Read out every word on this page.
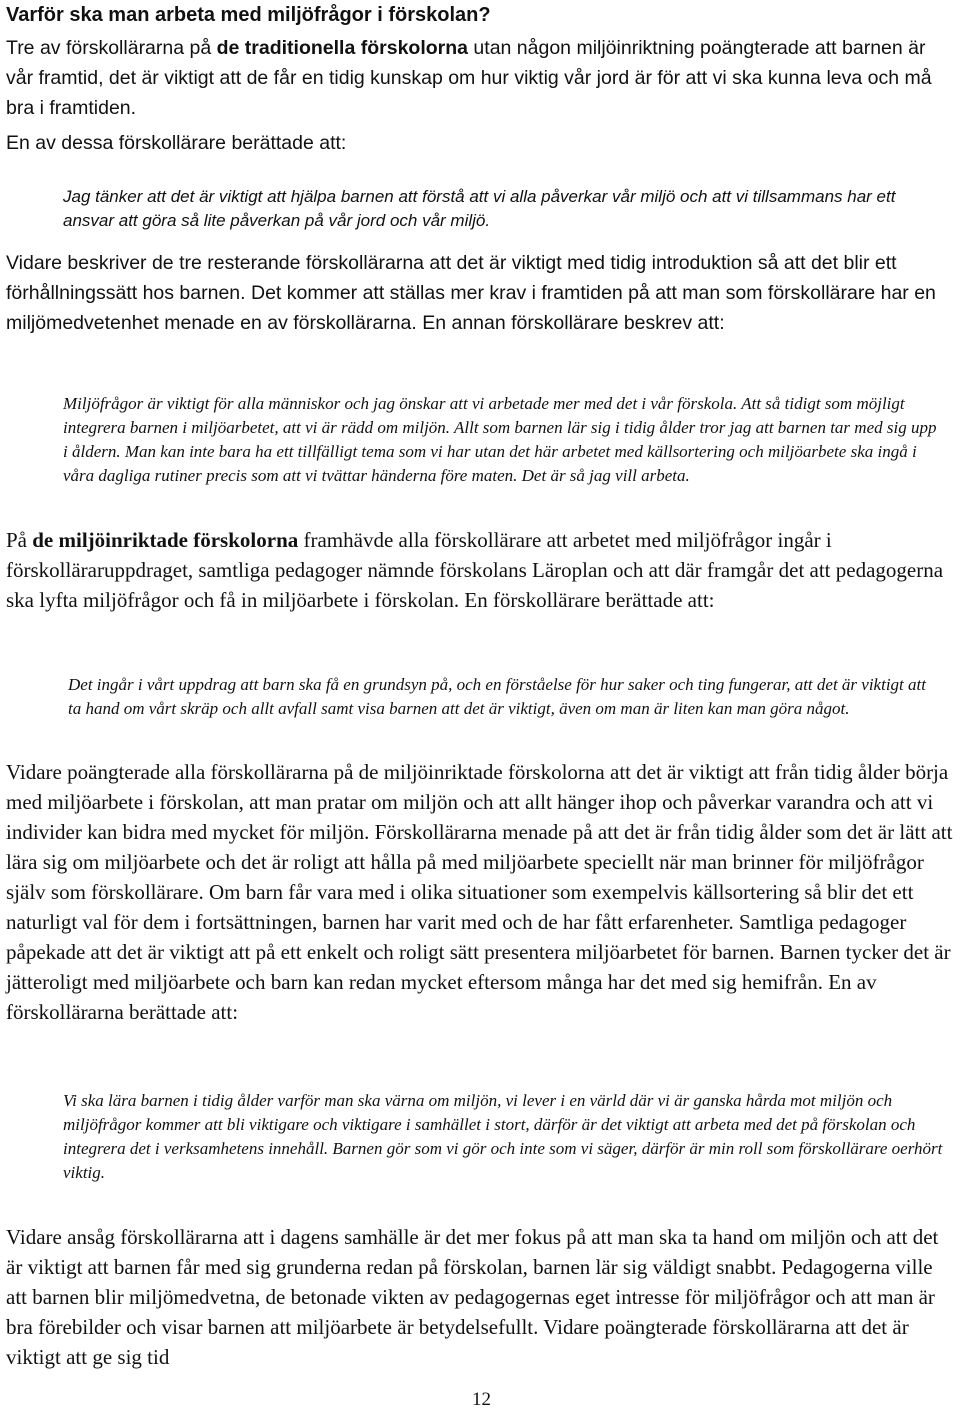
Varför ska man arbeta med miljöfrågor i förskolan?

Tre av förskollärarna på de traditionella förskolorna utan någon miljöinriktning poängterade att barnen är vår framtid, det är viktigt att de får en tidig kunskap om hur viktig vår jord är för att vi ska kunna leva och må bra i framtiden.

En av dessa förskollärare berättade att:

Jag tänker att det är viktigt att hjälpa barnen att förstå att vi alla påverkar vår miljö och att vi tillsammans har ett ansvar att göra så lite påverkan på vår jord och vår miljö.

Vidare beskriver de tre resterande förskollärarna att det är viktigt med tidig introduktion så att det blir ett förhållningssätt hos barnen. Det kommer att ställas mer krav i framtiden på att man som förskollärare har en miljömedvetenhet menade en av förskollärarna. En annan förskollärare beskrev att:

Miljöfrågor är viktigt för alla människor och jag önskar att vi arbetade mer med det i vår förskola. Att så tidigt som möjligt integrera barnen i miljöarbetet, att vi är rädd om miljön. Allt som barnen lär sig i tidig ålder tror jag att barnen tar med sig upp i åldern. Man kan inte bara ha ett tillfälligt tema som vi har utan det här arbetet med källsortering och miljöarbete ska ingå i våra dagliga rutiner precis som att vi tvättar händerna före maten. Det är så jag vill arbeta.

På de miljöinriktade förskolorna framhävde alla förskollärare att arbetet med miljöfrågor ingår i förskolläraruppdraget, samtliga pedagoger nämnde förskolans Läroplan och att där framgår det att pedagogerna ska lyfta miljöfrågor och få in miljöarbete i förskolan. En förskollärare berättade att:

Det ingår i vårt uppdrag att barn ska få en grundsyn på, och en förståelse för hur saker och ting fungerar, att det är viktigt att ta hand om vårt skräp och allt avfall samt visa barnen att det är viktigt, även om man är liten kan man göra något.

Vidare poängterade alla förskollärarna på de miljöinriktade förskolorna att det är viktigt att från tidig ålder börja med miljöarbete i förskolan, att man pratar om miljön och att allt hänger ihop och påverkar varandra och att vi individer kan bidra med mycket för miljön. Förskollärarna menade på att det är från tidig ålder som det är lätt att lära sig om miljöarbete och det är roligt att hålla på med miljöarbete speciellt när man brinner för miljöfrågor själv som förskollärare. Om barn får vara med i olika situationer som exempelvis källsortering så blir det ett naturligt val för dem i fortsättningen, barnen har varit med och de har fått erfarenheter. Samtliga pedagoger påpekade att det är viktigt att på ett enkelt och roligt sätt presentera miljöarbetet för barnen. Barnen tycker det är jätteroligt med miljöarbete och barn kan redan mycket eftersom många har det med sig hemifrån. En av förskollärarna berättade att:

Vi ska lära barnen i tidig ålder varför man ska värna om miljön, vi lever i en värld där vi är ganska hårda mot miljön och miljöfrågor kommer att bli viktigare och viktigare i samhället i stort, därför är det viktigt att arbeta med det på förskolan och integrera det i verksamhetens innehåll. Barnen gör som vi gör och inte som vi säger, därför är min roll som förskollärare oerhört viktig.

Vidare ansåg förskollärarna att i dagens samhälle är det mer fokus på att man ska ta hand om miljön och att det är viktigt att barnen får med sig grunderna redan på förskolan, barnen lär sig väldigt snabbt. Pedagogerna ville att barnen blir miljömedvetna, de betonade vikten av pedagogernas eget intresse för miljöfrågor och att man är bra förebilder och visar barnen att miljöarbete är betydelsefullt. Vidare poängterade förskollärarna att det är viktigt att ge sig tid

12
